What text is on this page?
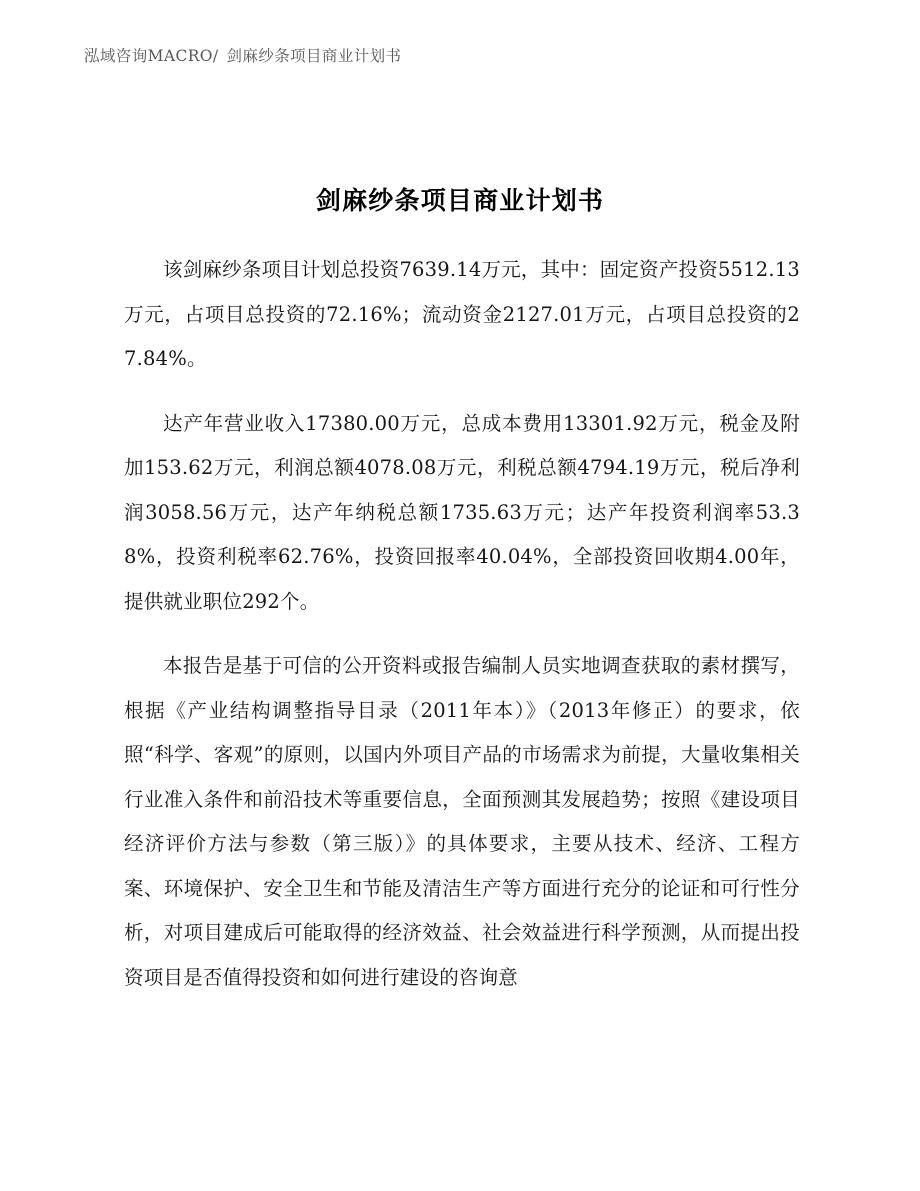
泓域咨询MACRO/ 剑麻纱条项目商业计划书
剑麻纱条项目商业计划书

该剑麻纱条项目计划总投资7639.14万元，其中：固定资产投资5512.13万元，占项目总投资的72.16%；流动资金2127.01万元，占项目总投资的27.84%。

达产年营业收入17380.00万元，总成本费用13301.92万元，税金及附加153.62万元，利润总额4078.08万元，利税总额4794.19万元，税后净利润3058.56万元，达产年纳税总额1735.63万元；达产年投资利润率53.38%，投资利税率62.76%，投资回报率40.04%，全部投资回收期4.00年，提供就业职位292个。

本报告是基于可信的公开资料或报告编制人员实地调查获取的素材撰写，根据《产业结构调整指导目录（2011年本）》（2013年修正）的要求，依照“科学、客观”的原则，以国内外项目产品的市场需求为前提，大量收集相关行业准入条件和前沿技术等重要信息，全面预测其发展趋势；按照《建设项目经济评价方法与参数（第三版）》的具体要求，主要从技术、经济、工程方案、环境保护、安全卫生和节能及清洁生产等方面进行充分的论证和可行性分析，对项目建成后可能取得的经济效益、社会效益进行科学预测，从而提出投资项目是否值得投资和如何进行建设的咨询意
